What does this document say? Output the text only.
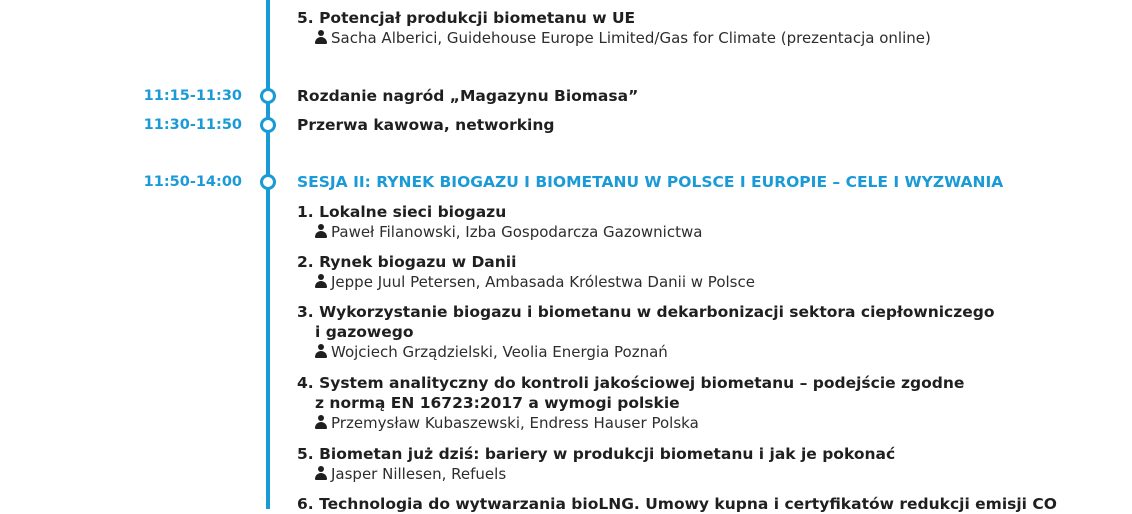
5. Potencjał produkcji biometanu w UE
Sacha Alberici, Guidehouse Europe Limited/Gas for Climate (prezentacja online)
11:15-11:30	Rozdanie nagród „Magazynu Biomasa”
11:30-11:50	Przerwa kawowa, networking
11:50-14:00	SESJA II: RYNEK BIOGAZU I BIOMETANU W POLSCE I EUROPIE – CELE I WYZWANIA
1. Lokalne sieci biogazu
Paweł Filanowski, Izba Gospodarcza Gazownictwa
2. Rynek biogazu w Danii
Jeppe Juul Petersen, Ambasada Królestwa Danii w Polsce
3. Wykorzystanie biogazu i biometanu w dekarbonizacji sektora ciepłowniczego
i gazowego
Wojciech Grządzielski, Veolia Energia Poznań
4. System analityczny do kontroli jakościowej biometanu – podejście zgodne
z normą EN 16723:2017 a wymogi polskie
Przemysław Kubaszewski, Endress Hauser Polska
5. Biometan już dziś: bariery w produkcji biometanu i jak je pokonać
Jasper Nillesen, Refuels
6. Technologia do wytwarzania bioLNG. Umowy kupna i certyfikatów redukcji emisji CO
